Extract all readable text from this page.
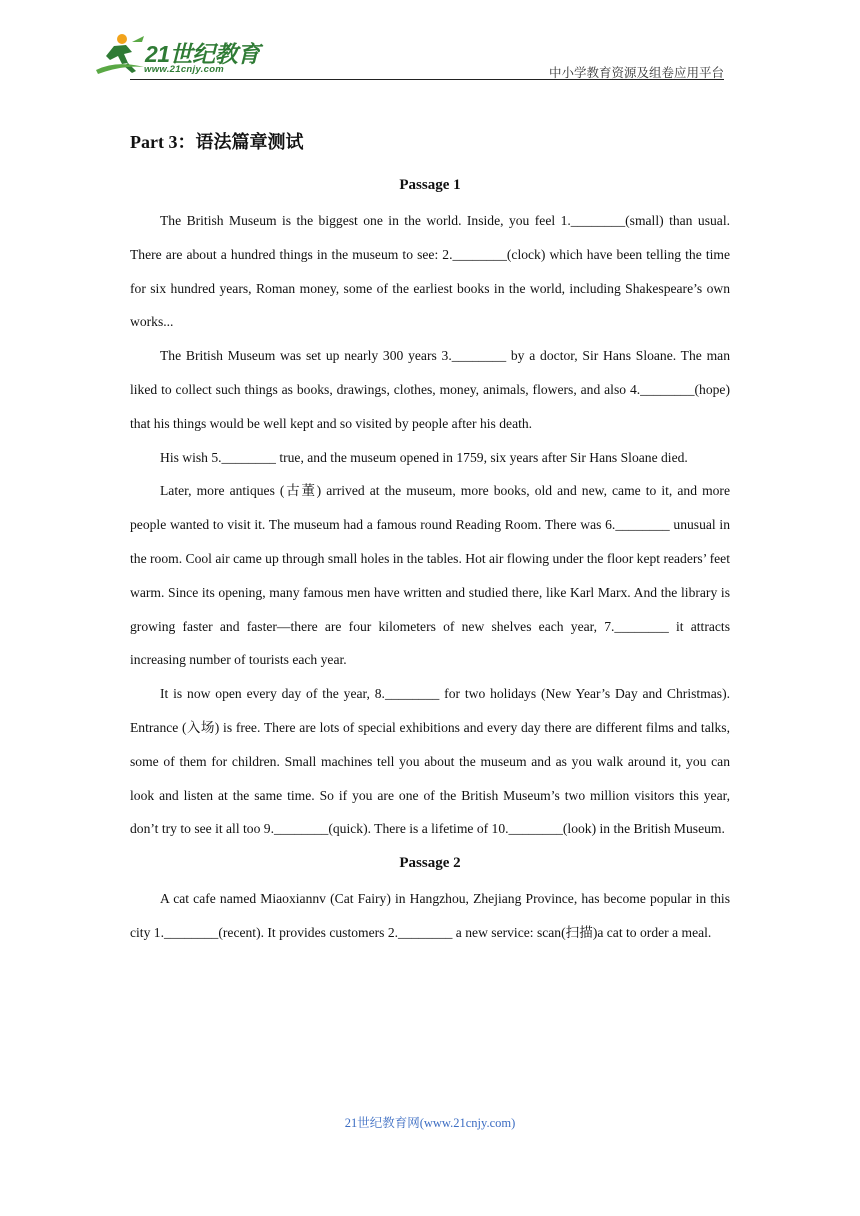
21世纪教育
www.21cnjy.com	中小学教育资源及组卷应用平台
Part 3：语法篇章测试
Passage 1

The British Museum is the biggest one in the world. Inside, you feel 1.________(small) than usual. There are about a hundred things in the museum to see: 2.________(clock) which have been telling the time for six hundred years, Roman money, some of the earliest books in the world, including Shakespeare’s own works...

The British Museum was set up nearly 300 years 3.________ by a doctor, Sir Hans Sloane. The man liked to collect such things as books, drawings, clothes, money, animals, flowers, and also 4.________(hope) that his things would be well kept and so visited by people after his death.

His wish 5.________ true, and the museum opened in 1759, six years after Sir Hans Sloane died.

Later, more antiques (古董) arrived at the museum, more books, old and new, came to it, and more people wanted to visit it. The museum had a famous round Reading Room. There was 6.________ unusual in the room. Cool air came up through small holes in the tables. Hot air flowing under the floor kept readers’ feet warm. Since its opening, many famous men have written and studied there, like Karl Marx. And the library is growing faster and faster—there are four kilometers of new shelves each year, 7.________ it attracts increasing number of tourists each year.

It is now open every day of the year, 8.________ for two holidays (New Year’s Day and Christmas). Entrance (入场) is free. There are lots of special exhibitions and every day there are different films and talks, some of them for children. Small machines tell you about the museum and as you walk around it, you can look and listen at the same time. So if you are one of the British Museum’s two million visitors this year, don’t try to see it all too 9.________(quick). There is a lifetime of 10.________(look) in the British Museum.

Passage 2

A cat cafe named Miaoxiannv (Cat Fairy) in Hangzhou, Zhejiang Province, has become popular in this city 1.________(recent). It provides customers 2.________ a new service: scan(扫描)a cat to order a meal.

21世纪教育网(www.21cnjy.com)
